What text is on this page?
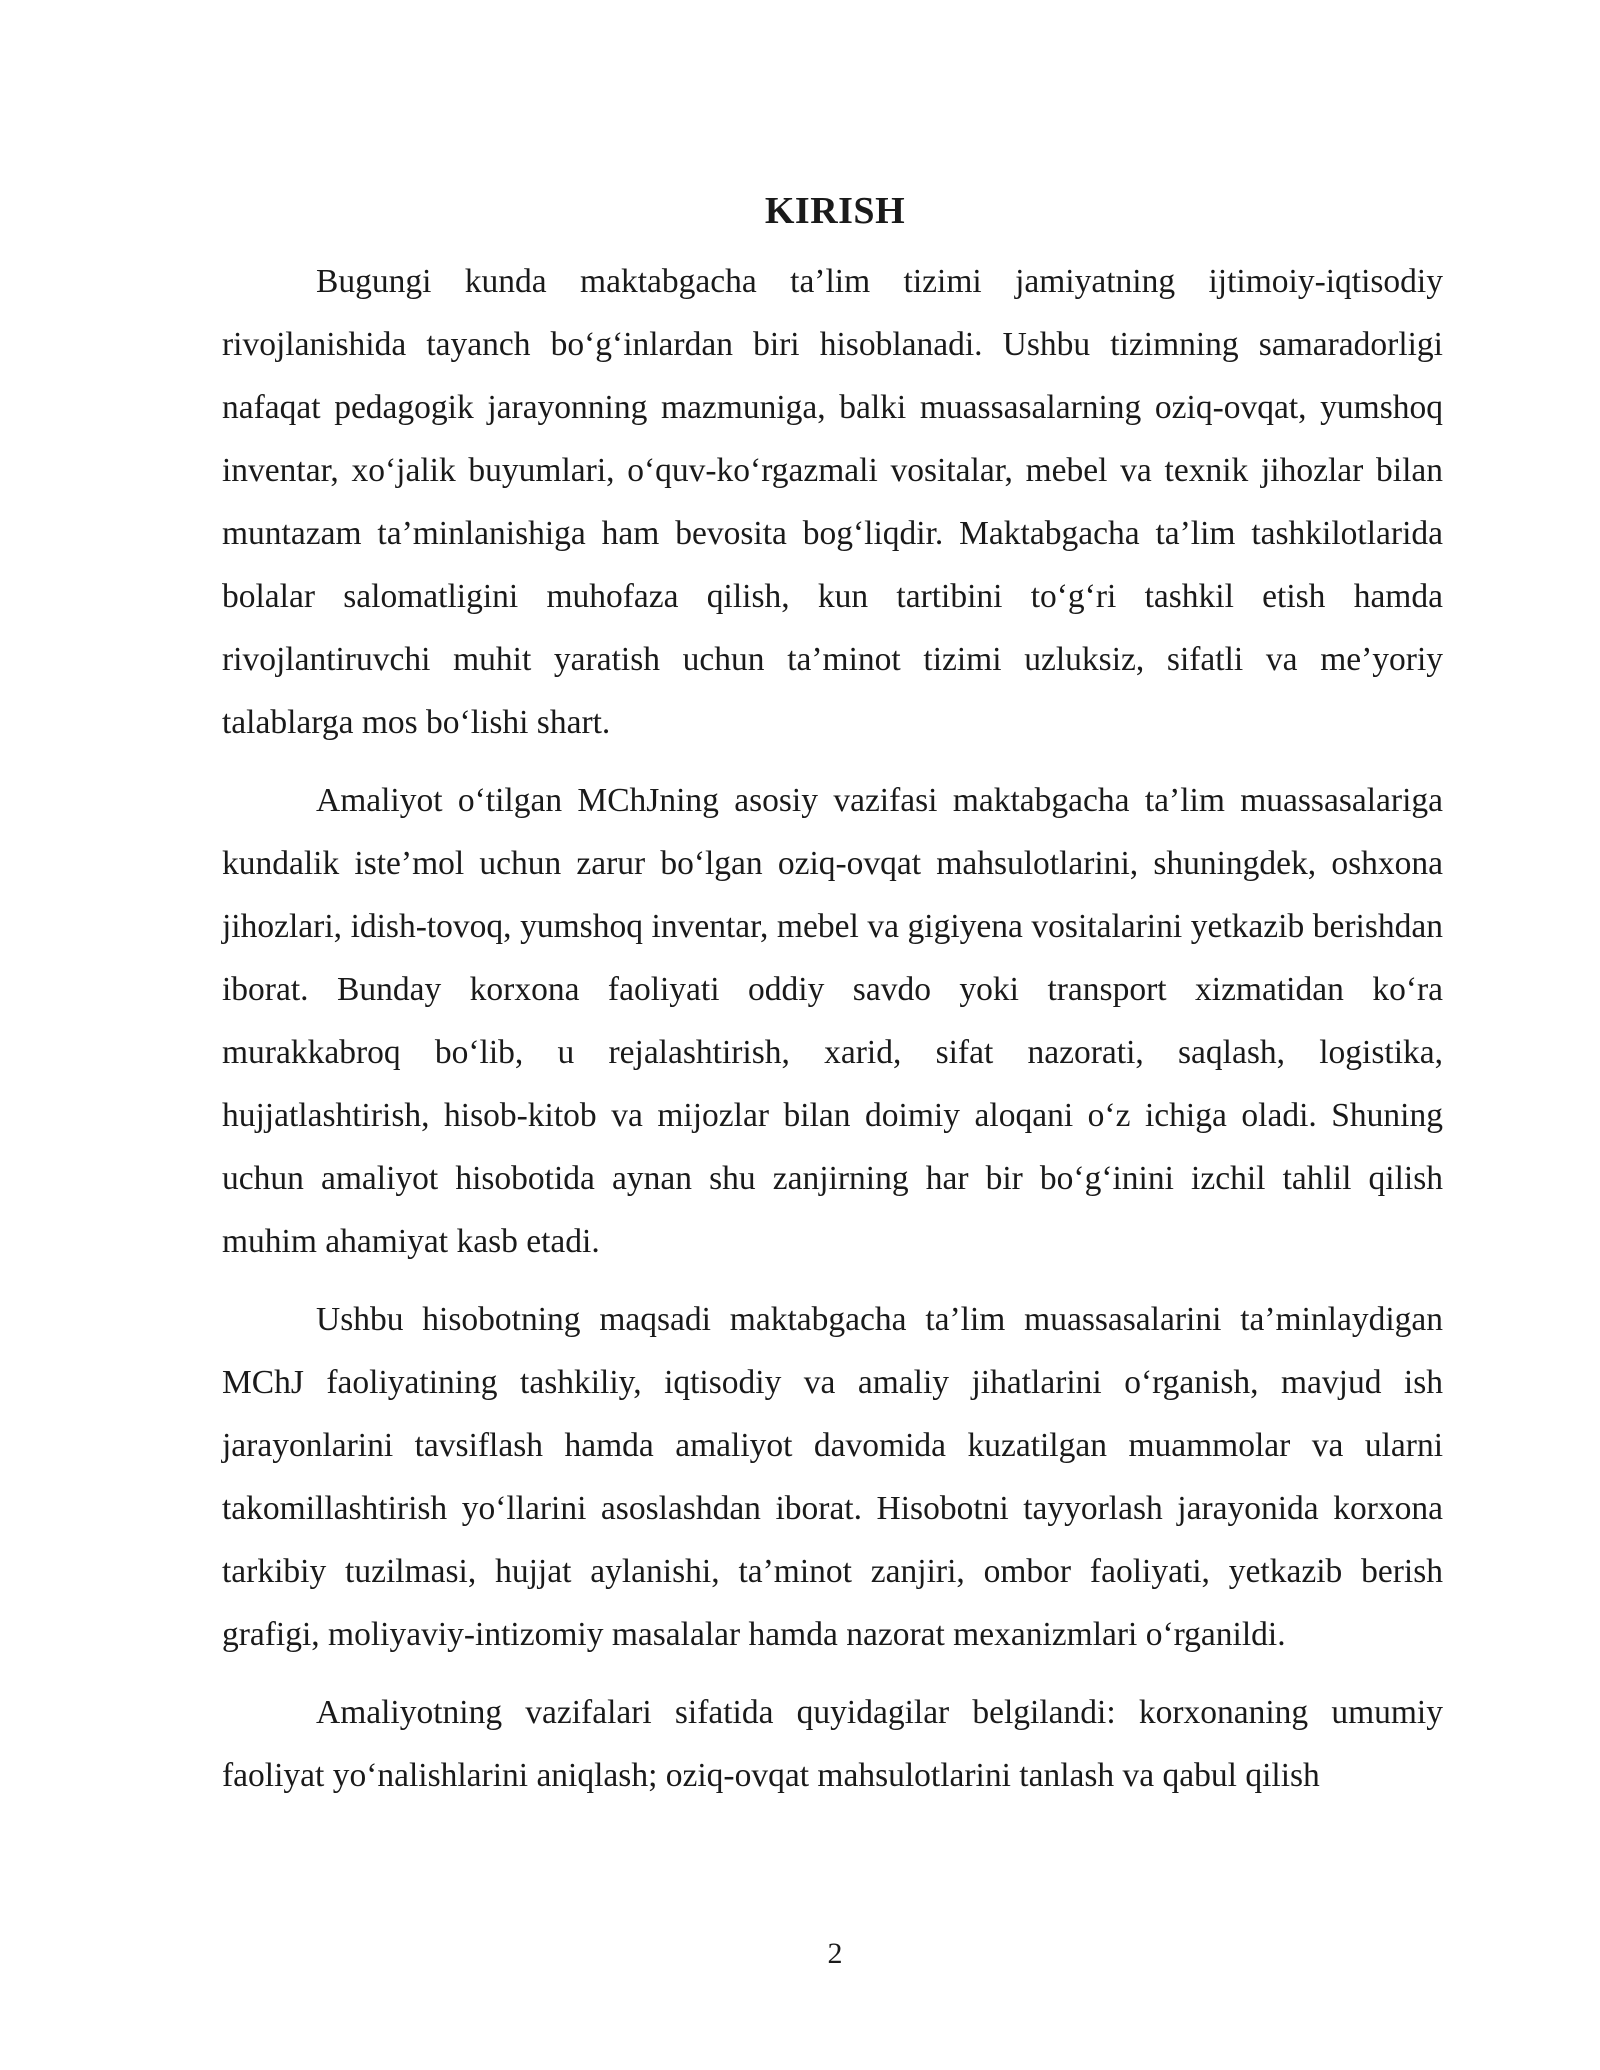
KIRISH

Bugungi kunda maktabgacha ta’lim tizimi jamiyatning ijtimoiy-iqtisodiy rivojlanishida tayanch bo‘g‘inlardan biri hisoblanadi. Ushbu tizimning samaradorligi nafaqat pedagogik jarayonning mazmuniga, balki muassasalarning oziq-ovqat, yumshoq inventar, xo‘jalik buyumlari, o‘quv-ko‘rgazmali vositalar, mebel va texnik jihozlar bilan muntazam ta’minlanishiga ham bevosita bog‘liqdir. Maktabgacha ta’lim tashkilotlarida bolalar salomatligini muhofaza qilish, kun tartibini to‘g‘ri tashkil etish hamda rivojlantiruvchi muhit yaratish uchun ta’minot tizimi uzluksiz, sifatli va me’yoriy talablarga mos bo‘lishi shart.

Amaliyot o‘tilgan MChJning asosiy vazifasi maktabgacha ta’lim muassasalariga kundalik iste’mol uchun zarur bo‘lgan oziq-ovqat mahsulotlarini, shuningdek, oshxona jihozlari, idish-tovoq, yumshoq inventar, mebel va gigiyena vositalarini yetkazib berishdan iborat. Bunday korxona faoliyati oddiy savdo yoki transport xizmatidan ko‘ra murakkabroq bo‘lib, u rejalashtirish, xarid, sifat nazorati, saqlash, logistika, hujjatlashtirish, hisob-kitob va mijozlar bilan doimiy aloqani o‘z ichiga oladi. Shuning uchun amaliyot hisobotida aynan shu zanjirning har bir bo‘g‘inini izchil tahlil qilish muhim ahamiyat kasb etadi.

Ushbu hisobotning maqsadi maktabgacha ta’lim muassasalarini ta’minlaydigan MChJ faoliyatining tashkiliy, iqtisodiy va amaliy jihatlarini o‘rganish, mavjud ish jarayonlarini tavsiflash hamda amaliyot davomida kuzatilgan muammolar va ularni takomillashtirish yo‘llarini asoslashdan iborat. Hisobotni tayyorlash jarayonida korxona tarkibiy tuzilmasi, hujjat aylanishi, ta’minot zanjiri, ombor faoliyati, yetkazib berish grafigi, moliyaviy-intizomiy masalalar hamda nazorat mexanizmlari o‘rganildi.

Amaliyotning vazifalari sifatida quyidagilar belgilandi: korxonaning umumiy faoliyat yo‘nalishlarini aniqlash; oziq-ovqat mahsulotlarini tanlash va qabul qilish

2
